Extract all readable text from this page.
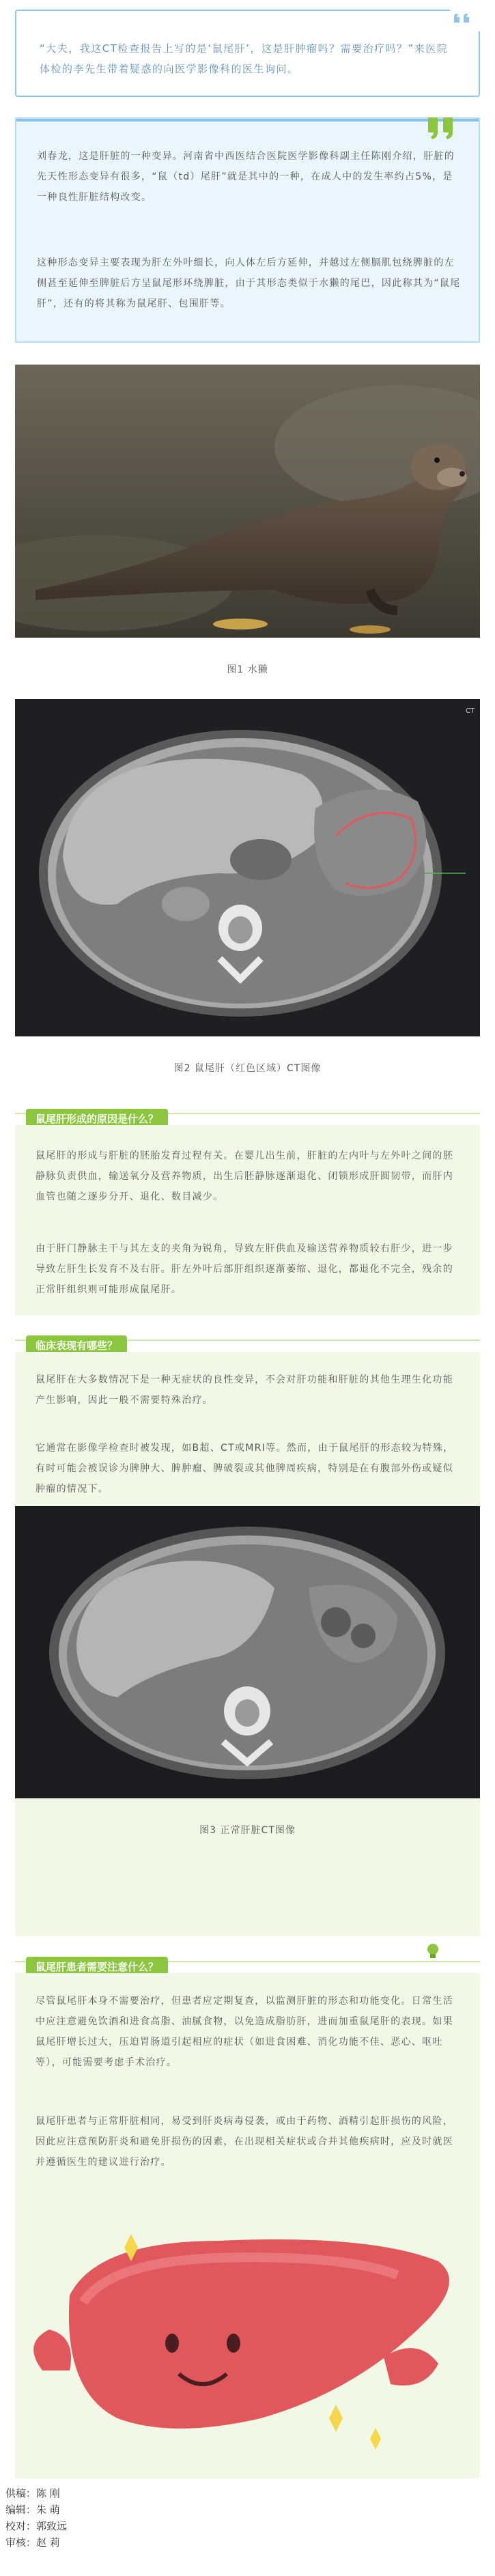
“大夫，我这CT检查报告上写的是‘鼠尾肝’，这是肝肿瘤吗？需要治疗吗？”来医院体检的李先生带着疑惑的向医学影像科的医生询问。

刘春龙，这是肝脏的一种变异。河南省中西医结合医院医学影像科副主任陈刚介绍，肝脏的先天性形态变异有很多，“鼠（td）尾肝”就是其中的一种，在成人中的发生率约占5%，是一种良性肝脏结构改变。

这种形态变异主要表现为肝左外叶细长，向人体左后方延伸，并越过左侧膈肌包绕脾脏的左侧甚至延伸至脾脏后方呈鼠尾形环绕脾脏，由于其形态类似于水獭的尾巴，因此称其为“鼠尾肝”，还有的将其称为鼠尾肝、包围肝等。

图1 水獭
CT
图2 鼠尾肝（红色区域）CT图像
鼠尾肝形成的原因是什么？

鼠尾肝的形成与肝脏的胚胎发育过程有关。在婴儿出生前，肝脏的左内叶与左外叶之间的胚静脉负责供血，输送氧分及营养物质，出生后胚静脉逐渐退化、闭锁形成肝圆韧带，而肝内血管也随之逐步分开、退化、数目减少。

由于肝门静脉主干与其左支的夹角为锐角，导致左肝供血及输送营养物质较右肝少，进一步导致左肝生长发育不及右肝。肝左外叶后部肝组织逐渐萎缩、退化，都退化不完全，残余的正常肝组织则可能形成鼠尾肝。

临床表现有哪些？

鼠尾肝在大多数情况下是一种无症状的良性变异，不会对肝功能和肝脏的其他生理生化功能产生影响，因此一般不需要特殊治疗。

它通常在影像学检查时被发现，如B超、CT或MRI等。然而，由于鼠尾肝的形态较为特殊，有时可能会被误诊为脾肿大、脾肿瘤、脾破裂或其他脾周疾病，特别是在有腹部外伤或疑似肿瘤的情况下。

图3 正常肝脏CT图像
鼠尾肝患者需要注意什么？

尽管鼠尾肝本身不需要治疗，但患者应定期复查，以监测肝脏的形态和功能变化。日常生活中应注意避免饮酒和进食高脂、油腻食物，以免造成脂肪肝，进而加重鼠尾肝的表现。如果鼠尾肝增长过大，压迫胃肠道引起相应的症状（如进食困难、消化功能不佳、恶心、呕吐等），可能需要考虑手术治疗。

鼠尾肝患者与正常肝脏相同，易受到肝炎病毒侵袭，或由于药物、酒精引起肝损伤的风险，因此应注意预防肝炎和避免肝损伤的因素，在出现相关症状或合并其他疾病时，应及时就医并遵循医生的建议进行治疗。

供稿：陈 刚
编辑：朱 萌
校对：郭致远
审核：赵 莉
